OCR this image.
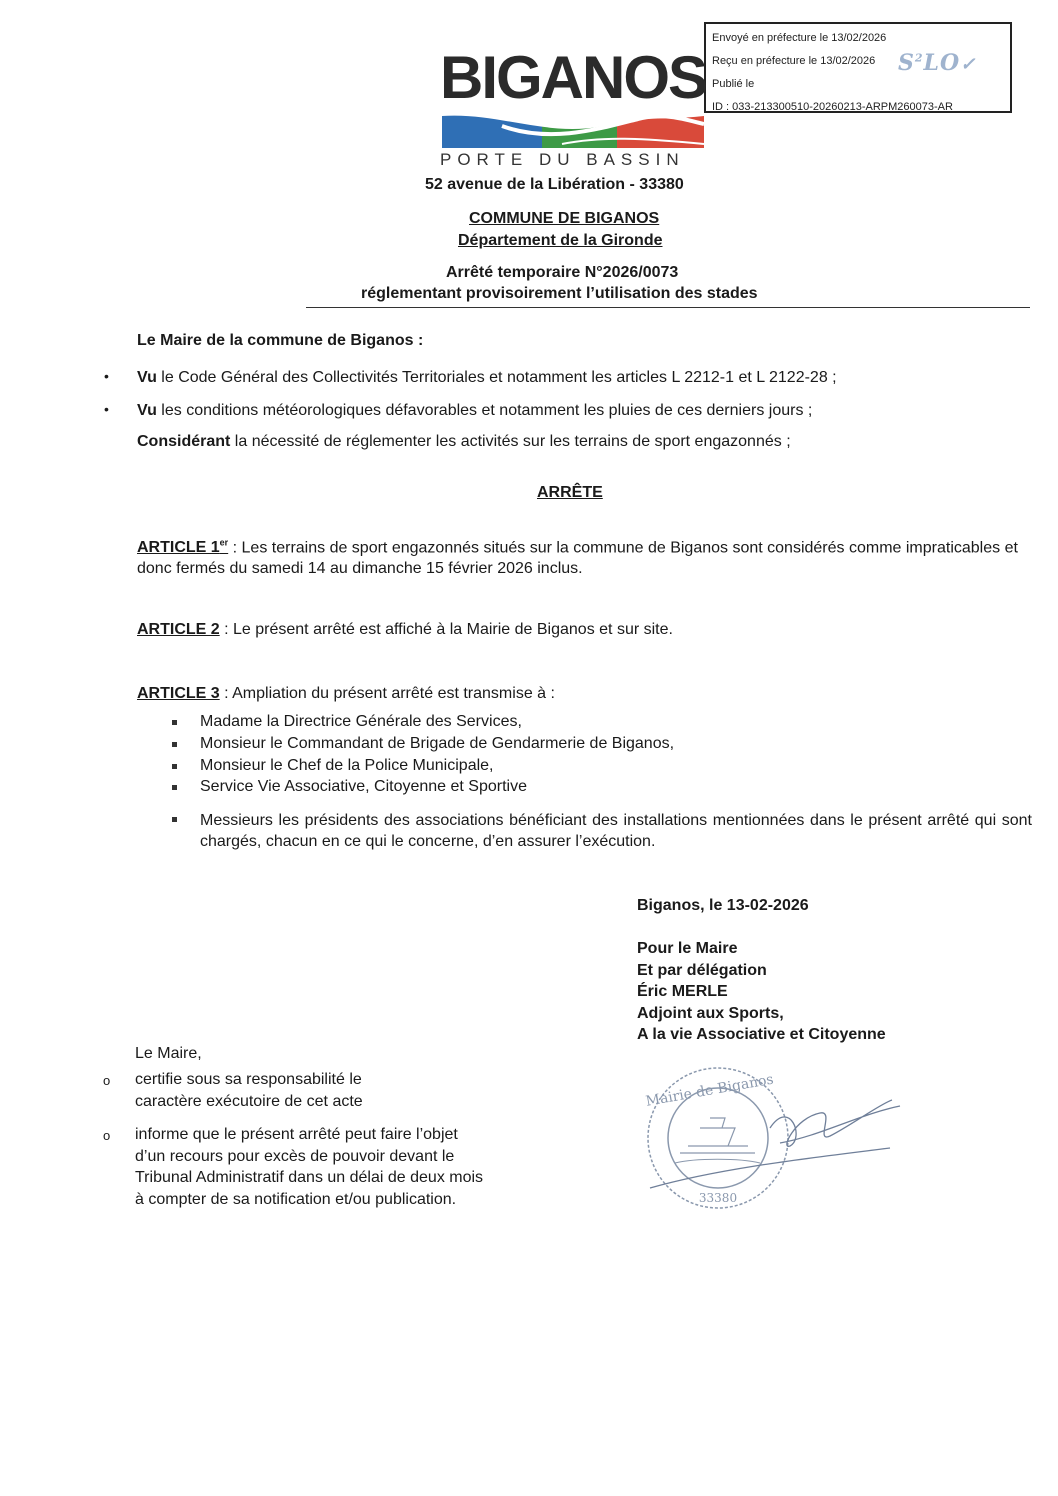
Envoyé en préfecture le 13/02/2026
Reçu en préfecture le 13/02/2026
Publié le
ID : 033-213300510-20260213-ARPM260073-AR
$S^2LO✓$
BIGANOS
PORTE DU BASSIN
52 avenue de la Libération - 33380
COMMUNE DE BIGANOS
Département de la Gironde
Arrêté temporaire N°2026/0073
réglementant provisoirement l’utilisation des stades
Le Maire de la commune de Biganos :
• Vu le Code Général des Collectivités Territoriales et notamment les articles L 2212-1 et L 2122-28 ;
• Vu les conditions météorologiques défavorables et notamment les pluies de ces derniers jours ;
Considérant la nécessité de réglementer les activités sur les terrains de sport engazonnés ;
ARRÊTE
ARTICLE 1er : Les terrains de sport engazonnés situés sur la commune de Biganos sont considérés comme impraticables et donc fermés du samedi 14 au dimanche 15 février 2026 inclus.
ARTICLE 2 : Le présent arrêté est affiché à la Mairie de Biganos et sur site.
ARTICLE 3 : Ampliation du présent arrêté est transmise à :
Madame la Directrice Générale des Services,
Monsieur le Commandant de Brigade de Gendarmerie de Biganos,
Monsieur le Chef de la Police Municipale,
Service Vie Associative, Citoyenne et Sportive
Messieurs les présidents des associations bénéficiant des installations mentionnées dans le présent arrêté qui sont chargés, chacun en ce qui le concerne, d’en assurer l’exécution.
Biganos, le 13-02-2026
Pour le Maire
Et par délégation
Éric MERLE
Adjoint aux Sports,
A la vie Associative et Citoyenne
Le Maire,
o certifie sous sa responsabilité le caractère exécutoire de cet acte
o informe que le présent arrêté peut faire l’objet d’un recours pour excès de pouvoir devant le Tribunal Administratif dans un délai de deux mois à compter de sa notification et/ou publication.
Mairie de Biganos
33380
